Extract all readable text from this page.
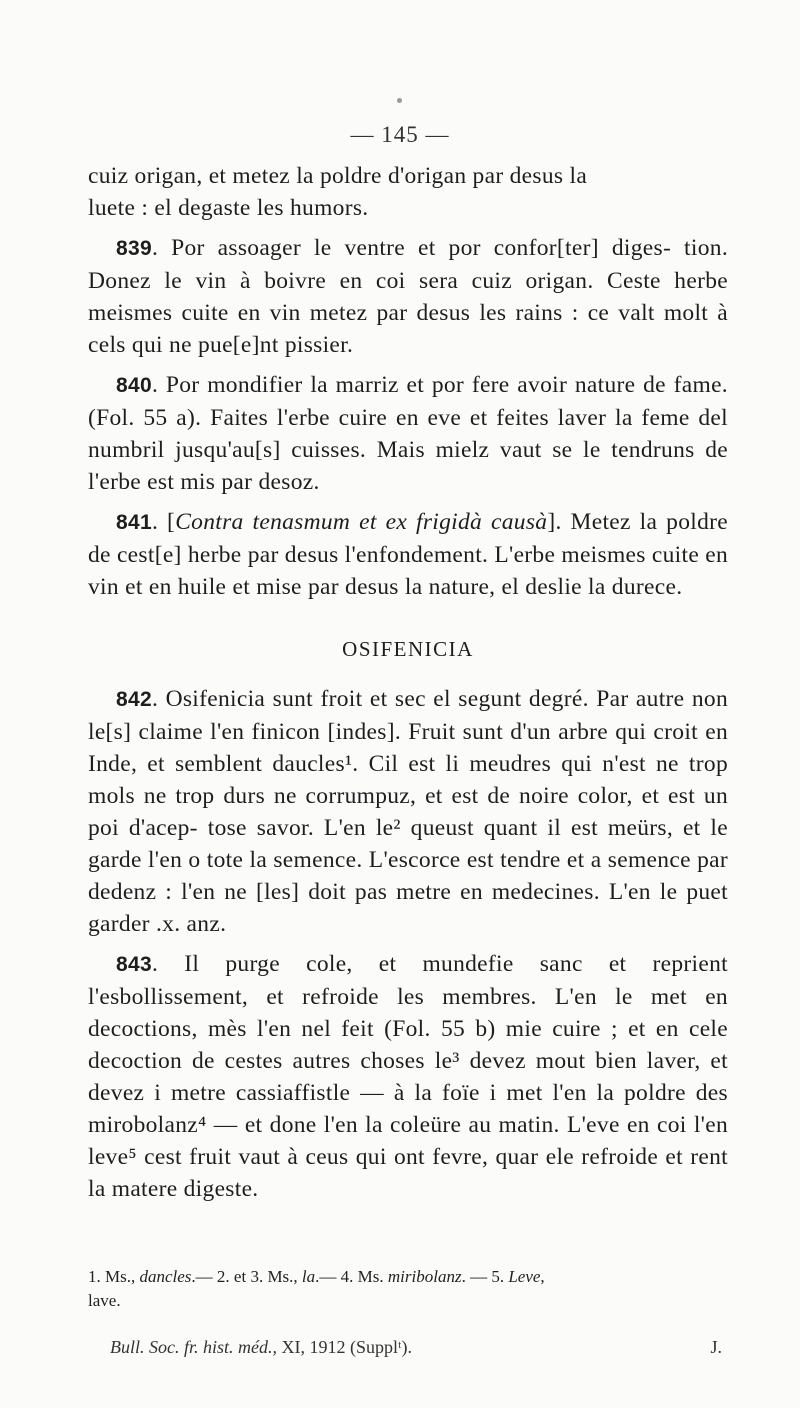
— 145 —

cuiz origan, et metez la poldre d'origan par desus la
luete : el degaste les humors.

839. Por assoager le ventre et por confor[ter] diges- tion. Donez le vin à boivre en coi sera cuiz origan. Ceste herbe meismes cuite en vin metez par desus les rains : ce valt molt à cels qui ne pue[e]nt pissier.

840. Por mondifier la marriz et por fere avoir nature de fame. (Fol. 55 a). Faites l'erbe cuire en eve et feites laver la feme del numbril jusqu'au[s] cuisses. Mais mielz vaut se le tendruns de l'erbe est mis par desoz.

841. [Contra tenasmum et ex frigidà causà]. Metez la poldre de cest[e] herbe par desus l'enfondement. L'erbe meismes cuite en vin et en huile et mise par desus la nature, el deslie la durece.

OSIFENICIA

842. Osifenicia sunt froit et sec el segunt degré. Par autre non le[s] claime l'en finicon [indes]. Fruit sunt d'un arbre qui croit en Inde, et semblent daucles¹. Cil est li meudres qui n'est ne trop mols ne trop durs ne corrumpuz, et est de noire color, et est un poi d'acep- tose savor. L'en le² queust quant il est meürs, et le garde l'en o tote la semence. L'escorce est tendre et a semence par dedenz : l'en ne [les] doit pas metre en medecines. L'en le puet garder .x. anz.

843. Il purge cole, et mundefie sanc et reprient l'esbollissement, et refroide les membres. L'en le met en decoctions, mès l'en nel feit (Fol. 55 b) mie cuire ; et en cele decoction de cestes autres choses le³ devez mout bien laver, et devez i metre cassiaffistle — à la foïe i met l'en la poldre des mirobolanz⁴ — et done l'en la coleüre au matin. L'eve en coi l'en leve⁵ cest fruit vaut à ceus qui ont fevre, quar ele refroide et rent la matere digeste.

1. Ms., dancles.— 2. et 3. Ms., la.— 4. Ms. miribolanz. — 5. Leve,
lave.
Bull. Soc. fr. hist. méd., XI, 1912 (Supplᵗ).	J.
